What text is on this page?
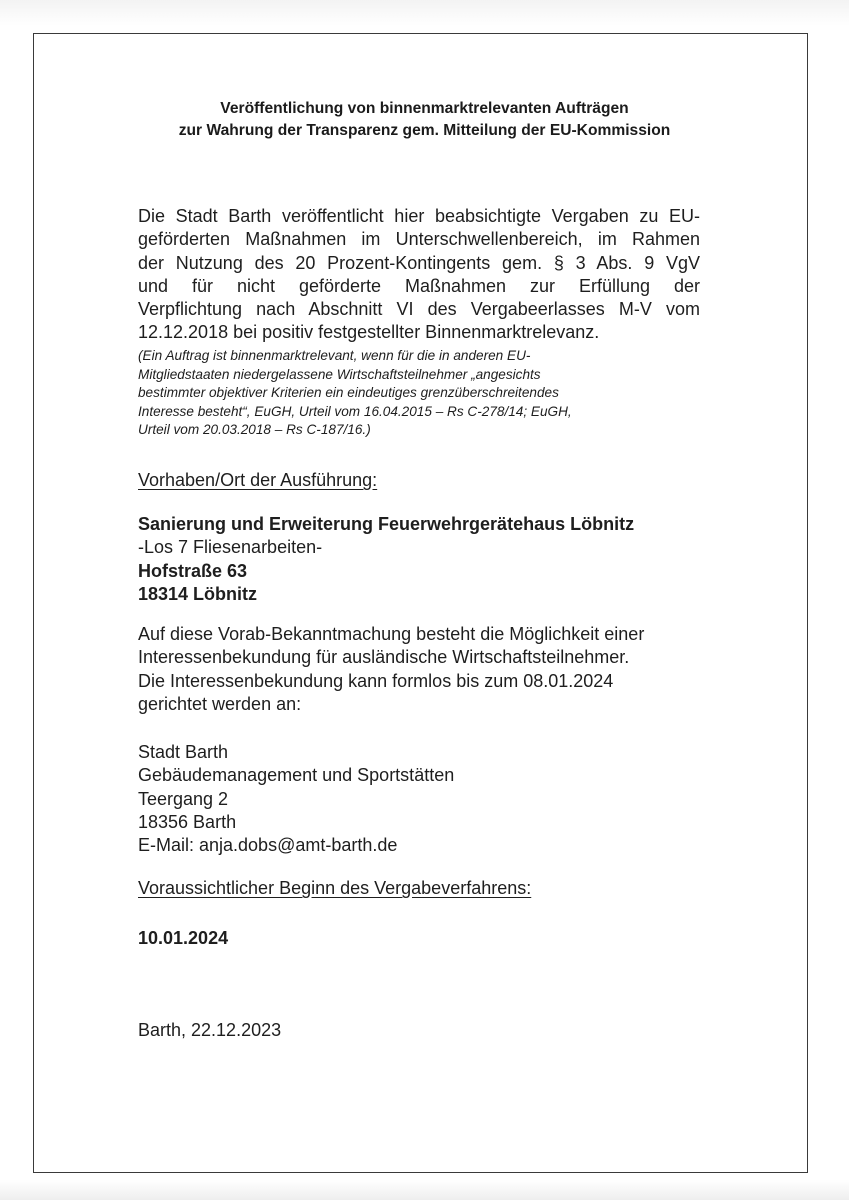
Veröffentlichung von binnenmarktrelevanten Aufträgen
zur Wahrung der Transparenz gem. Mitteilung der EU-Kommission
Die Stadt Barth veröffentlicht hier beabsichtigte Vergaben zu EU-
geförderten Maßnahmen im Unterschwellenbereich, im Rahmen
der Nutzung des 20 Prozent-Kontingents gem. § 3 Abs. 9 VgV
und für nicht geförderte Maßnahmen zur Erfüllung der
Verpflichtung nach Abschnitt VI des Vergabeerlasses M-V vom
12.12.2018 bei positiv festgestellter Binnenmarktrelevanz.
(Ein Auftrag ist binnenmarktrelevant, wenn für die in anderen EU-
Mitgliedstaaten niedergelassene Wirtschaftsteilnehmer „angesichts
bestimmter objektiver Kriterien ein eindeutiges grenzüberschreitendes
Interesse besteht“, EuGH, Urteil vom 16.04.2015 – Rs C-278/14; EuGH,
Urteil vom 20.03.2018 – Rs C-187/16.)
Vorhaben/Ort der Ausführung:
Sanierung und Erweiterung Feuerwehrgerätehaus Löbnitz
-Los 7 Fliesenarbeiten-
Hofstraße 63
18314 Löbnitz
Auf diese Vorab-Bekanntmachung besteht die Möglichkeit einer
Interessenbekundung für ausländische Wirtschaftsteilnehmer.
Die Interessenbekundung kann formlos bis zum 08.01.2024
gerichtet werden an:
Stadt Barth
Gebäudemanagement und Sportstätten
Teergang 2
18356 Barth
E-Mail: anja.dobs@amt-barth.de
Voraussichtlicher Beginn des Vergabeverfahrens:
10.01.2024
Barth, 22.12.2023
